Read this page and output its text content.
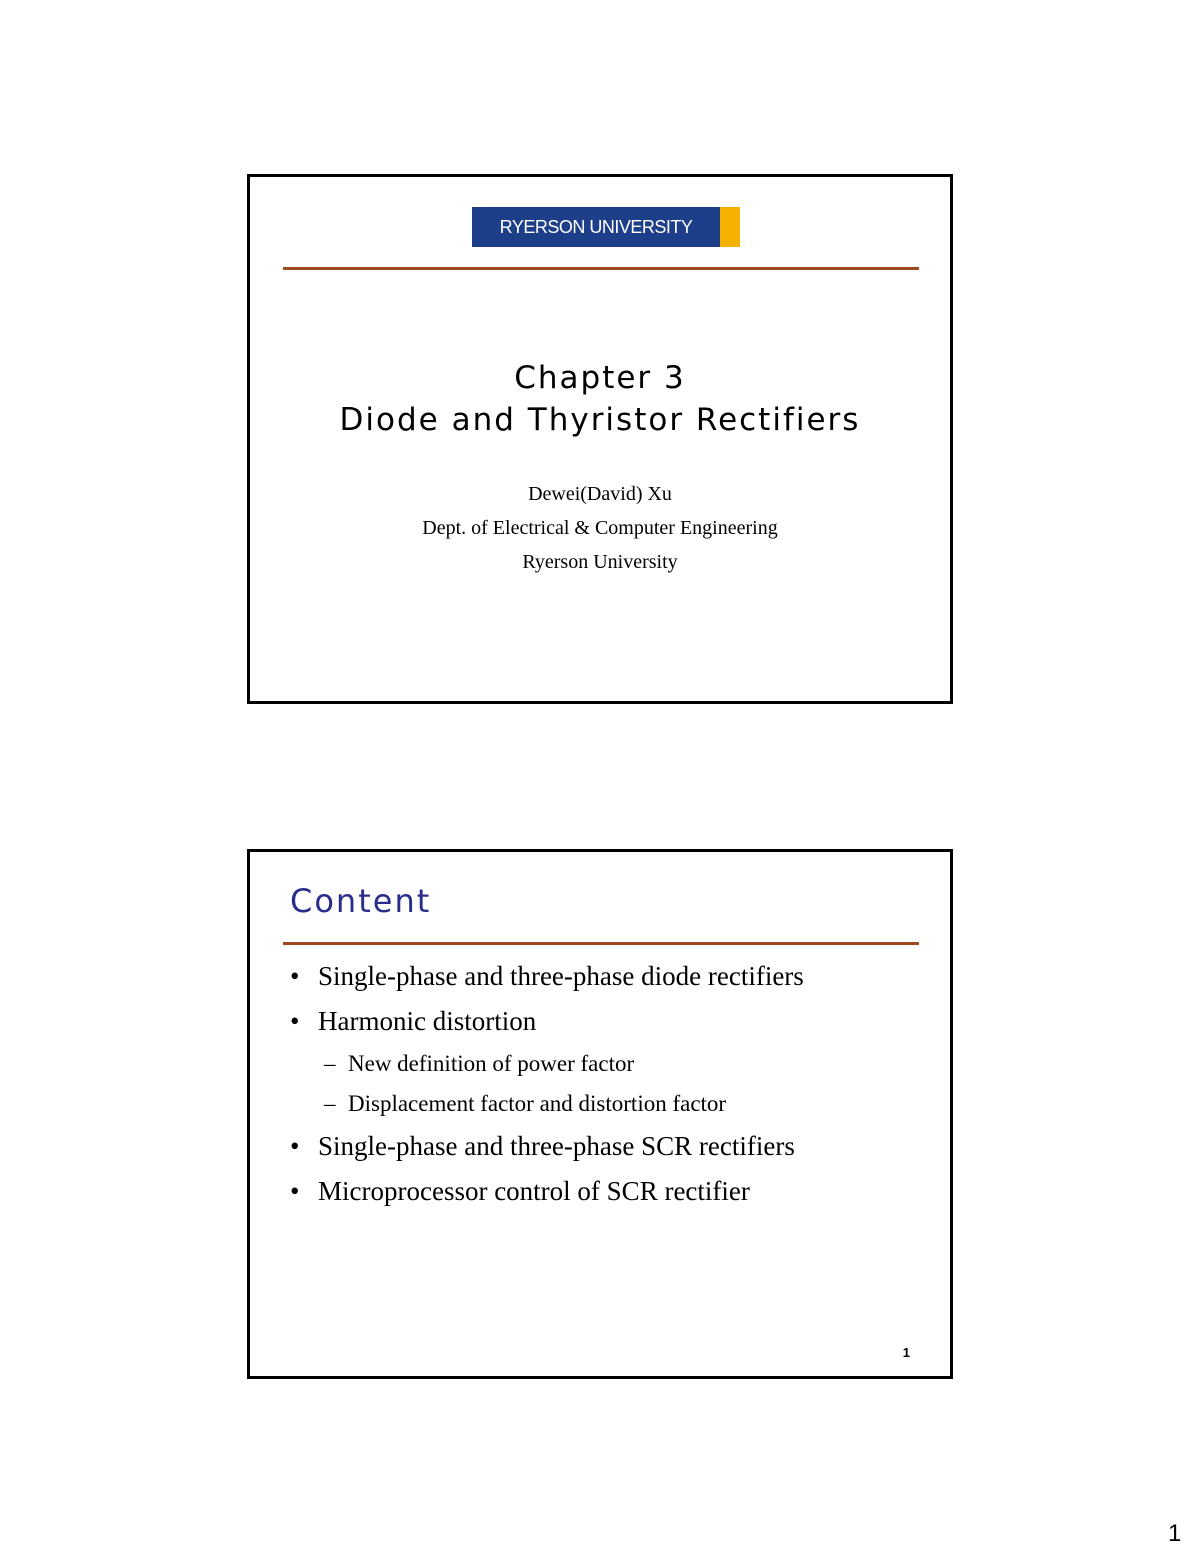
RYERSON UNIVERSITY
Chapter 3
Diode and Thyristor Rectifiers
Dewei(David) Xu
Dept. of Electrical & Computer Engineering
Ryerson University
Content
• Single-phase and three-phase diode rectifiers
• Harmonic distortion
– New definition of power factor
– Displacement factor and distortion factor
• Single-phase and three-phase SCR rectifiers
• Microprocessor control of SCR rectifier
1
1
